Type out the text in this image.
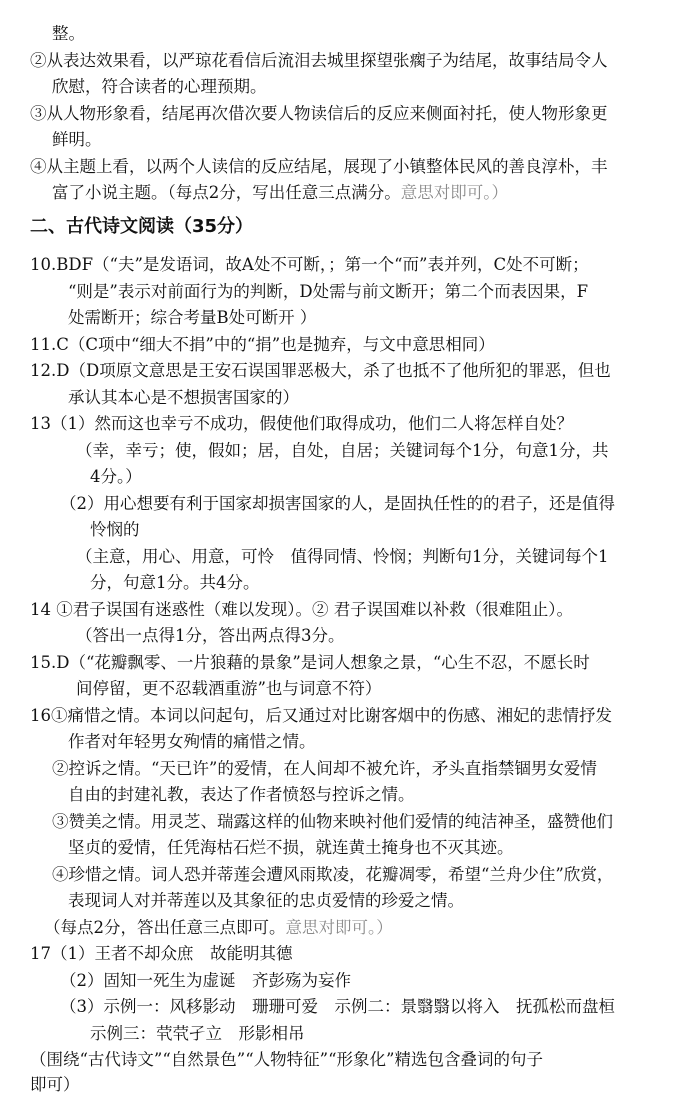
整。
②从表达效果看，以严琼花看信后流泪去城里探望张瘸子为结尾，故事结局令人
欣慰，符合读者的心理预期。
③从人物形象看，结尾再次借次要人物读信后的反应来侧面衬托，使人物形象更
鲜明。
④从主题上看，以两个人读信的反应结尾，展现了小镇整体民风的善良淳朴，丰
富了小说主题。（每点2分，写出任意三点满分。意思对即可。）
二、古代诗文阅读（35分）
10.BDF（“夫”是发语词，故A处不可断，；第一个“而”表并列，C处不可断；
“则是”表示对前面行为的判断，D处需与前文断开；第二个而表因果，F
处需断开；综合考量B处可断开 ）
11.C（C项中“细大不捐”中的“捐”也是抛弃，与文中意思相同）
12.D（D项原文意思是王安石误国罪恶极大，杀了也抵不了他所犯的罪恶，但也
承认其本心是不想损害国家的）
13（1）然而这也幸亏不成功，假使他们取得成功，他们二人将怎样自处？
（幸，幸亏；使，假如；居，自处，自居；关键词每个1分，句意1分，共
4分。）
（2）用心想要有利于国家却损害国家的人，是固执任性的的君子，还是值得
怜悯的
（主意，用心、用意，可怜　值得同情、怜悯；判断句1分，关键词每个1
分，句意1分。共4分。
14 ①君子误国有迷惑性（难以发现）。② 君子误国难以补救（很难阻止）。
（答出一点得1分，答出两点得3分。
15.D（“花瓣飘零、一片狼藉的景象”是词人想象之景，“心生不忍，不愿长时
间停留，更不忍载酒重游”也与词意不符）
16①痛惜之情。本词以问起句，后又通过对比谢客烟中的伤感、湘妃的悲情抒发
作者对年轻男女殉情的痛惜之情。
②控诉之情。“天已许”的爱情，在人间却不被允许，矛头直指禁锢男女爱情
自由的封建礼教，表达了作者愤怒与控诉之情。
③赞美之情。用灵芝、瑞露这样的仙物来映衬他们爱情的纯洁神圣，盛赞他们
坚贞的爱情，任凭海枯石烂不损，就连黄土掩身也不灭其迹。
④珍惜之情。词人恐并蒂莲会遭风雨欺凌，花瓣凋零，希望“兰舟少住”欣赏，
表现词人对并蒂莲以及其象征的忠贞爱情的珍爱之情。
（每点2分，答出任意三点即可。意思对即可。）
17（1）王者不却众庶　故能明其德
（2）固知一死生为虚诞　齐彭殇为妄作
（3）示例一：风移影动　珊珊可爱　示例二：景翳翳以将入　抚孤松而盘桓
示例三：茕茕孑立　形影相吊
（围绕“古代诗文”“自然景色”“人物特征”“形象化”精选包含叠词的句子
即可）
